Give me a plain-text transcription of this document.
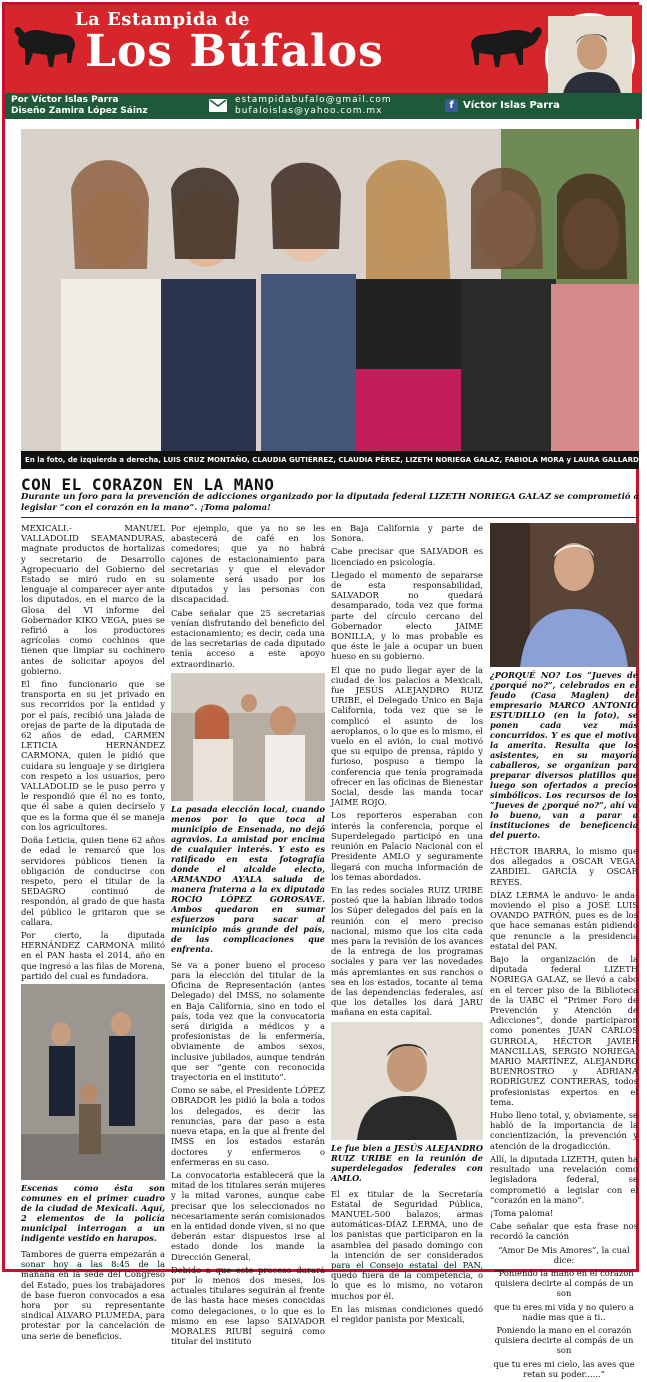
La Estampida de
Los Búfalos
Por Víctor Islas Parra
Diseño Zamira López Sáinz
estampidabufalo@gmail.com
bufaloislas@yahoo.com.mx	f Víctor Islas Parra
En la foto, de izquierda a derecha, LUIS CRUZ MONTAÑO, CLAUDIA GUTIÉRREZ, CLAUDIA PÉREZ, LIZETH NORIEGA GALAZ, FABIOLA MORA y LAURA GALLARDO.
CON EL CORAZON EN LA MANO
Durante un foro para la prevención de adicciones organizado por la diputada federal LIZETH NORIEGA GALAZ se comprometió a legislar “con el corazón en la mano”. ¡Toma paloma!

MEXICALI.- MANUEL VALLADOLID SEAMANDURAS, magnate productos de hortalizas y secretario de Desarrollo Agropecuario del Gobierno del Estado se miró rudo en su lenguaje al comparecer ayer ante los diputados, en el marco de la Glosa del VI informe del Gobernador KIKO VEGA, pues se refirió a los productores agrícolas como cochinos que tienen que limpiar su cochinero antes de solicitar apoyos del gobierno.

El fino funcionario que se transporta en su jet privado en sus recorridos por la entidad y por el país, recibió una jalada de orejas de parte de la diputada de 62 años de edad, CARMEN LETICIA HERNÁNDEZ CARMONA, quien le pidió que cuidara su lenguaje y se dirigiera con respeto a los usuarios, pero VALLADOLID se le puso perro y le respondió que él no es tonto, que él sabe a quien decírselo y que es la forma que él se maneja con los agricultores.

Doña Leticia, quien tiene 62 años de edad le remarcó que los servidores públicos tienen la obligación de conducirse con respeto, pero el titular de la SEDAGRO continuó de respondón, al grado de que hasta del público le gritaron que se callara.

Por cierto, la diputada HERNÁNDEZ CARMONA militó en el PAN hasta el 2014, año en que ingresó a las filas de Morena, partido del cual es fundadora.

Escenas como ésta son comunes en el primer cuadro de la ciudad de Mexicali. Aquí, 2 elementos de la policía municipal interrogan a un indigente vestido en harapos.

Tambores de guerra empezarán a sonar hoy a las 8:45 de la mañana en la sede del Congreso del Estado, pues los trabajadores de base fueron convocados a esa hora por su representante sindical ÁLVARO PLUMEDA, para protestar por la cancelación de una serie de beneficios.

Por ejemplo, que ya no se les abastecerá de café en los comedores; que ya no habrá cajones de estacionamiento para secretarias y que el elevador solamente será usado por los diputados y las personas con discapacidad.

Cabe señalar que 25 secretarias venían disfrutando del beneficio del estacionamiento; es decir, cada una de las secretarias de cada diputado tenía acceso a este apoyo extraordinario.

La pasada elección local, cuando menos por lo que toca al municipio de Ensenada, no dejó agravios. La amistad por encima de cualquier interés. Y esto es ratificado en esta fotografía donde el alcalde electo, ARMANDO AYALA saluda de manera fraterna a la ex diputada ROCÍO LÓPEZ GOROSAVE. Ambos quedaron en sumar esfuerzos para sacar al municipio más grande del país, de las complicaciones que enfrenta.

Se va a poner bueno el proceso para la elección del titular de la Oficina de Representación (antes Delegado) del IMSS, no solamente en Baja California, sino en todo el país, toda vez que la convocatoria será dirigida a médicos y a profesionistas de la enfermería, obviamente de ambos sexos, inclusive jubilados, aunque tendrán que ser “gente con reconocida trayectoria en el instituto”.

Como se sabe, el Presidente LÓPEZ OBRADOR les pidió la bola a todos los delegados, es decir las renuncias, para dar paso a esta nueva etapa, en la que al frente del IMSS en los estados estarán doctores y enfermeros o enfermeras en su caso.

La convocatoria establecerá que la mitad de los titulares serán mujeres y la mitad varones, aunque cabe precisar que los seleccionados no necesariamente serán comisionados en la entidad donde viven, si no que deberán estar dispuestos irse al estado donde los mande la Dirección General.

Debido a que este proceso durará por lo menos dos meses, los actuales titulares seguirán al frente de las hasta hace meses conocidas como delegaciones, o lo que es lo mismo en ese lapso SALVADOR MORALES RIUBÍ seguirá como titular del instituto

en Baja California y parte de Sonora.

Cabe precisar que SALVADOR es licenciado en psicología.

Llegado el momento de separarse de esta responsabilidad, SALVADOR no quedará desamparado, toda vez que forma parte del círculo cercano del Gobernador electo JAIME BONILLA, y lo mas probable es que éste le jale a ocupar un buen hueso en su gobierno.

El que no pudo llegar ayer de la ciudad de los palacios a Mexicali, fue JESÚS ALEJANDRO RUIZ URIBE, el Delegado Único en Baja California, toda vez que se le complicó el asunto de los aeroplanos, o lo que es lo mismo, el vuelo en el avión, lo cual motivó que su equipo de prensa, rápido y furioso, pospuso a tiempo la conferencia que tenía programada ofrecer en las oficinas de Bienestar Social, desde las manda tocar JAIME ROJO.

Los reporteros esperaban con interés la conferencia, porque el Superdelegado participó en una reunión en Palacio Nacional con el Presidente AMLO y seguramente llegará con mucha información de los temas abordados.

En las redes sociales RUIZ URIBE posteó que la habían librado todos los Súper delegados del país en la reunión con el mero preciso nacional, mismo que los cita cada mes para la revisión de los avances de la entrega de los programas sociales y para ver las novedades más apremiantes en sus ranchos o sea en los estados, tocante al tema de las dependencias federales, así que los detalles los dará JARU mañana en esta capital.

Le fue bien a JESÚS ALEJANDRO RUIZ URIBE en la reunión de superdelegados federales con AMLO.

El ex titular de la Secretaría Estatal de Seguridad Pública, MANUEL-500 balazos, armas automáticas-DÍAZ LERMA, uno de los panistas que participaron en la asamblea del pasado domingo con la intención de ser considerados para el Consejo estatal del PAN, quedó fuera de la competencia, o lo que es lo mismo, no votaron muchos por él.

En las mismas condiciones quedó el regidor panista por Mexicali,

¿PORQUÉ NO? Los “Jueves de ¿porqué no?”, celebrados en el feudo (Casa Maglen) del empresario MARCO ANTONIO ESTUDILLO (en la foto), se ponen cada vez más concurridos. Y es que el motivo la amerita. Resulta que los asistentes, en su mayoría caballeros, se organizan para preparar diversos platillos que luego son ofertados a precios simbólicos. Los recursos de los “Jueves de ¿porqué no?”, ahí va lo bueno, van a parar a instituciones de beneficencia del puerto.

HÉCTOR IBARRA, lo mismo que dos allegados a OSCAR VEGA: ZABDIEL GARCÍA y OSCAR REYES.

DÍAZ LERMA le anduvo- le anda-moviendo el piso a JOSÉ LUIS OVANDO PATRÓN, pues es de los que hace semanas están pidiendo que renuncie a la presidencia estatal del PAN.

Bajo la organización de la diputada federal LIZETH NORIEGA GALAZ, se llevó a cabo en el tercer piso de la Biblioteca de la UABC el “Primer Foro de Prevención y Atención de Adicciones”, donde participaron como ponentes JUAN CARLOS GURROLA, HÉCTOR JAVIER MANCILLAS, SERGIO NORIEGA, MARIO MARTÍNEZ, ALEJANDRO BUENROSTRO y ADRIANA RODRÍGUEZ CONTRERAS, todos profesionistas expertos en el tema.

Hubo lleno total, y, obviamente, se habló de la importancia de la concientización, la prevención y atención de la drogadicción.

Allí, la diputada LIZETH, quien ha resultado una revelación como legisladora federal, se comprometió a legislar con el “corazón en la mano”.

¡Toma paloma!

Cabe señalar que esta frase nos recordó la canción

“Amor De Mis Amores”, la cual dice:

“Poniendo la mano en el corazón quisiera decirte al compás de un son

que tu eres mi vida y no quiero a nadie mas que a ti..

Poniendo la mano en el corazón quisiera decirte al compás de un son

que tu eres mi cielo, las aves que retan su poder......”
